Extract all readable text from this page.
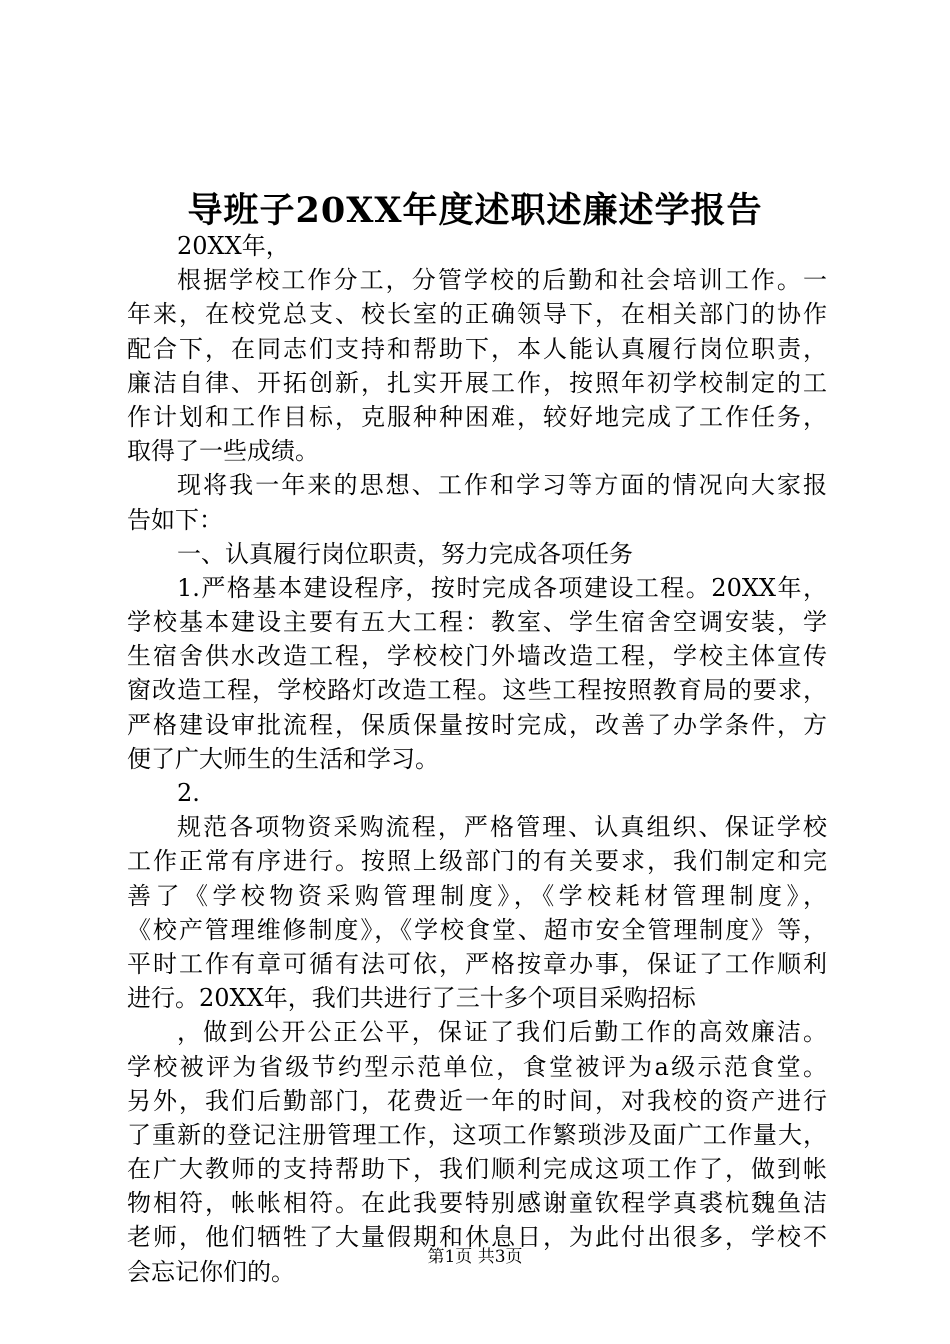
导班子20XX年度述职述廉述学报告
20XX年，
根据学校工作分工，分管学校的后勤和社会培训工作。一
年来，在校党总支、校长室的正确领导下，在相关部门的协作
配合下，在同志们支持和帮助下，本人能认真履行岗位职责，
廉洁自律、开拓创新，扎实开展工作，按照年初学校制定的工
作计划和工作目标，克服种种困难，较好地完成了工作任务，
取得了一些成绩。
现将我一年来的思想、工作和学习等方面的情况向大家报
告如下：
一、认真履行岗位职责，努力完成各项任务
1.严格基本建设程序，按时完成各项建设工程。20XX年，
学校基本建设主要有五大工程：教室、学生宿舍空调安装，学
生宿舍供水改造工程，学校校门外墙改造工程，学校主体宣传
窗改造工程，学校路灯改造工程。这些工程按照教育局的要求，
严格建设审批流程，保质保量按时完成，改善了办学条件，方
便了广大师生的生活和学习。
2.
规范各项物资采购流程，严格管理、认真组织、保证学校
工作正常有序进行。按照上级部门的有关要求，我们制定和完
善了《学校物资采购管理制度》，《学校耗材管理制度》，
《校产管理维修制度》，《学校食堂、超市安全管理制度》等，
平时工作有章可循有法可依，严格按章办事，保证了工作顺利
进行。20XX年，我们共进行了三十多个项目采购招标
，做到公开公正公平，保证了我们后勤工作的高效廉洁。
学校被评为省级节约型示范单位，食堂被评为a级示范食堂。
另外，我们后勤部门，花费近一年的时间，对我校的资产进行
了重新的登记注册管理工作，这项工作繁琐涉及面广工作量大，
在广大教师的支持帮助下，我们顺利完成这项工作了，做到帐
物相符，帐帐相符。在此我要特别感谢童钦程学真裘杭魏鱼洁
老师，他们牺牲了大量假期和休息日，为此付出很多，学校不
会忘记你们的。
第1页 共3页
